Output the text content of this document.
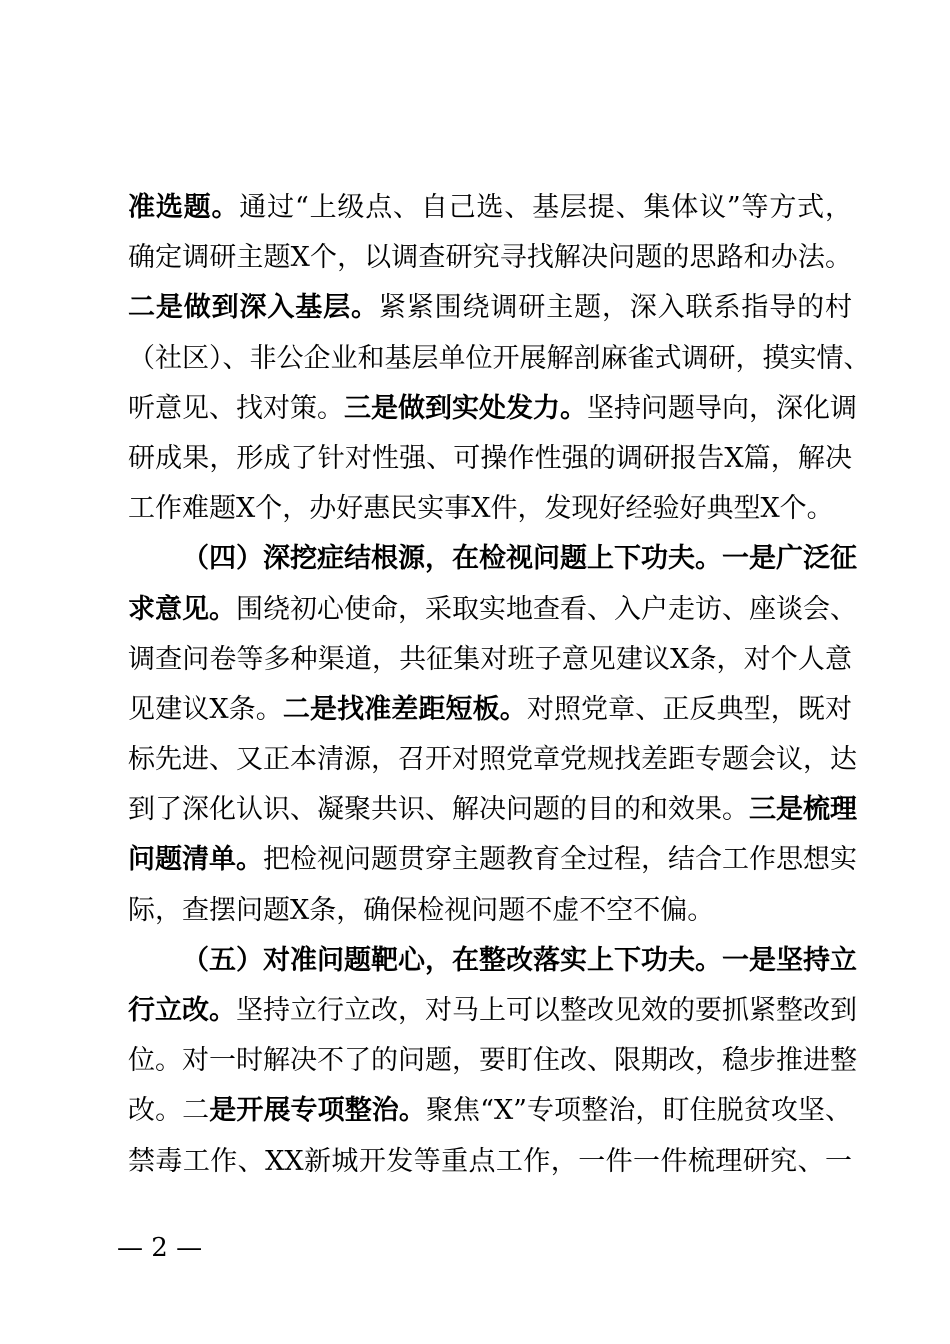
准选题。通过“上级点、自己选、基层提、集体议”等方式，
确定调研主题X个，以调查研究寻找解决问题的思路和办法。
二是做到深入基层。紧紧围绕调研主题，深入联系指导的村
（社区）、非公企业和基层单位开展解剖麻雀式调研，摸实情、
听意见、找对策。三是做到实处发力。坚持问题导向，深化调
研成果，形成了针对性强、可操作性强的调研报告X篇，解决
工作难题X个，办好惠民实事X件，发现好经验好典型X个。
（四）深挖症结根源，在检视问题上下功夫。一是广泛征
求意见。围绕初心使命，采取实地查看、入户走访、座谈会、
调查问卷等多种渠道，共征集对班子意见建议X条，对个人意
见建议X条。二是找准差距短板。对照党章、正反典型，既对
标先进、又正本清源，召开对照党章党规找差距专题会议，达
到了深化认识、凝聚共识、解决问题的目的和效果。三是梳理
问题清单。把检视问题贯穿主题教育全过程，结合工作思想实
际，查摆问题X条，确保检视问题不虚不空不偏。
（五）对准问题靶心，在整改落实上下功夫。一是坚持立
行立改。坚持立行立改，对马上可以整改见效的要抓紧整改到
位。对一时解决不了的问题，要盯住改、限期改，稳步推进整
改。二是开展专项整治。聚焦“X”专项整治，盯住脱贫攻坚、
禁毒工作、XX新城开发等重点工作，一件一件梳理研究、一
— 2 —
